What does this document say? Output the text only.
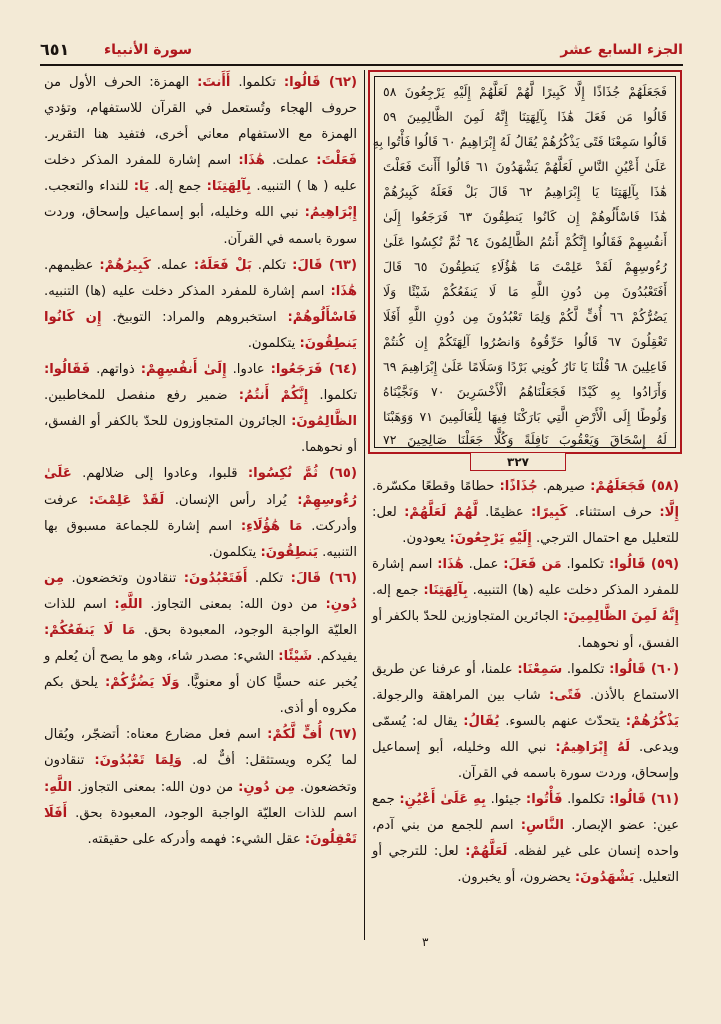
الجزء السابع عشر
سورة الأنبياء
٦٥١
فَجَعَلَهُمْ جُذَاذًا إِلَّا كَبِيرًا لَّهُمْ لَعَلَّهُمْ إِلَيْهِ يَرْجِعُونَ ٥٨
قَالُوا مَن فَعَلَ هَٰذَا بِآلِهَتِنَا إِنَّهُ لَمِنَ الظَّالِمِينَ ٥٩
قَالُوا سَمِعْنَا فَتًى يَذْكُرُهُمْ يُقَالُ لَهُ إِبْرَاهِيمُ ٦٠ قَالُوا فَأْتُوا بِهِ
عَلَىٰ أَعْيُنِ النَّاسِ لَعَلَّهُمْ يَشْهَدُونَ ٦١ قَالُوا أَأَنتَ فَعَلْتَ
هَٰذَا بِآلِهَتِنَا يَا إِبْرَاهِيمُ ٦٢ قَالَ بَلْ فَعَلَهُ كَبِيرُهُمْ
هَٰذَا فَاسْأَلُوهُمْ إِن كَانُوا يَنطِقُونَ ٦٣ فَرَجَعُوا إِلَىٰ
أَنفُسِهِمْ فَقَالُوا إِنَّكُمْ أَنتُمُ الظَّالِمُونَ ٦٤ ثُمَّ نُكِسُوا عَلَىٰ
رُءُوسِهِمْ لَقَدْ عَلِمْتَ مَا هَٰؤُلَاءِ يَنطِقُونَ ٦٥ قَالَ
أَفَتَعْبُدُونَ مِن دُونِ اللَّهِ مَا لَا يَنفَعُكُمْ شَيْئًا وَلَا
يَضُرُّكُمْ ٦٦ أُفٍّ لَّكُمْ وَلِمَا تَعْبُدُونَ مِن دُونِ اللَّهِ أَفَلَا
تَعْقِلُونَ ٦٧ قَالُوا حَرِّقُوهُ وَانصُرُوا آلِهَتَكُمْ إِن كُنتُمْ
فَاعِلِينَ ٦٨ قُلْنَا يَا نَارُ كُونِي بَرْدًا وَسَلَامًا عَلَىٰ إِبْرَاهِيمَ ٦٩
وَأَرَادُوا بِهِ كَيْدًا فَجَعَلْنَاهُمُ الْأَخْسَرِينَ ٧٠ وَنَجَّيْنَاهُ
وَلُوطًا إِلَى الْأَرْضِ الَّتِي بَارَكْنَا فِيهَا لِلْعَالَمِينَ ٧١ وَوَهَبْنَا
لَهُ إِسْحَاقَ وَيَعْقُوبَ نَافِلَةً وَكُلًّا جَعَلْنَا صَالِحِينَ ٧٢
٣٢٧

(٦٢) قَالُوا: تكلموا. أَأَنتَ: الهمزة: الحرف الأول من حروف الهجاء وتُستعمل في القرآن للاستفهام، وتؤدي الهمزة مع الاستفهام معاني أخرى، فتفيد هنا التقرير. فَعَلْتَ: عملت. هَٰذَا: اسم إشارة للمفرد المذكر دخلت عليه ( ها ) التنبيه. بِآلِهَتِنَا: جمع إله. يَا: للنداء والتعجب. إِبْرَاهِيمُ: نبي الله وخليله، أبو إسماعيل وإسحاق، وردت سورة باسمه في القرآن.

(٦٣) قَالَ: تكلم. بَلْ فَعَلَهُ: عمله. كَبِيرُهُمْ: عظيمهم. هَٰذَا: اسم إشارة للمفرد المذكر دخلت عليه (ها) التنبيه. فَاسْأَلُوهُمْ: استخبروهم والمراد: التوبيخ. إِن كَانُوا يَنطِقُونَ: يتكلمون.

(٦٤) فَرَجَعُوا: عادوا. إِلَىٰ أَنفُسِهِمْ: ذواتهم. فَقَالُوا: تكلموا. إِنَّكُمْ أَنتُمُ: ضمير رفع منفصل للمخاطبين. الظَّالِمُونَ: الجائرون المتجاوزون للحدّ بالكفر أو الفسق، أو نحوهما.

(٦٥) ثُمَّ نُكِسُوا: قلبوا، وعادوا إلى ضلالهم. عَلَىٰ رُءُوسِهِمْ: يُراد رأس الإنسان. لَقَدْ عَلِمْتَ: عرفت وأدركت. مَا هَٰؤُلَاءِ: اسم إشارة للجماعة مسبوق بها التنبيه. يَنطِقُونَ: يتكلمون.

(٦٦) قَالَ: تكلم. أَفَتَعْبُدُونَ: تنقادون وتخضعون. مِن دُونِ: من دون الله: بمعنى التجاوز. اللَّهِ: اسم للذات العليّة الواجبة الوجود، المعبودة بحق. مَا لَا يَنفَعُكُمْ: يفيدكم. شَيْئًا: الشيء: مصدر شاء، وهو ما يصح أن يُعلم و يُخبر عنه حسيًّا كان أو معنويًّا. وَلَا يَضُرُّكُمْ: يلحق بكم مكروه أو أذى.

(٦٧) أُفٍّ لَّكُمْ: اسم فعل مضارع معناه: أتضجّر، ويُقال لما يُكره ويستثقل: أفٌّ له. وَلِمَا تَعْبُدُونَ: تنقادون وتخضعون. مِن دُونِ: من دون الله: بمعنى التجاوز. اللَّهِ: اسم للذات العليّة الواجبة الوجود، المعبودة بحق. أَفَلَا تَعْقِلُونَ: عقل الشيء: فهمه وأدركه على حقيقته.

(٥٨) فَجَعَلَهُمْ: صيرهم. جُذَاذًا: حطامًا وقطعًا مكسّرة. إِلَّا: حرف استثناء. كَبِيرًا: عظيمًا. لَّهُمْ لَعَلَّهُمْ: لعل: للتعليل مع احتمال الترجي. إِلَيْهِ يَرْجِعُونَ: يعودون.

(٥٩) قَالُوا: تكلموا. مَن فَعَلَ: عمل. هَٰذَا: اسم إشارة للمفرد المذكر دخلت عليه (ها) التنبيه. بِآلِهَتِنَا: جمع إله. إِنَّهُ لَمِنَ الظَّالِمِينَ: الجائرين المتجاوزين للحدّ بالكفر أو الفسق، أو نحوهما.

(٦٠) قَالُوا: تكلموا. سَمِعْنَا: علمنا، أو عرفنا عن طريق الاستماع بالأذن. فَتًى: شاب بين المراهقة والرجولة. يَذْكُرُهُمْ: يتحدّث عنهم بالسوء. يُقَالُ: يقال له: يُسمّى ويدعى. لَهُ إِبْرَاهِيمُ: نبي الله وخليله، أبو إسماعيل وإسحاق، وردت سورة باسمه في القرآن.

(٦١) قَالُوا: تكلموا. فَأْتُوا: جيئوا. بِهِ عَلَىٰ أَعْيُنِ: جمع عين: عضو الإبصار. النَّاسِ: اسم للجمع من بني آدم، واحده إنسان على غير لفظه. لَعَلَّهُمْ: لعل: للترجي أو التعليل. يَشْهَدُونَ: يحضرون، أو يخبرون.

٣
